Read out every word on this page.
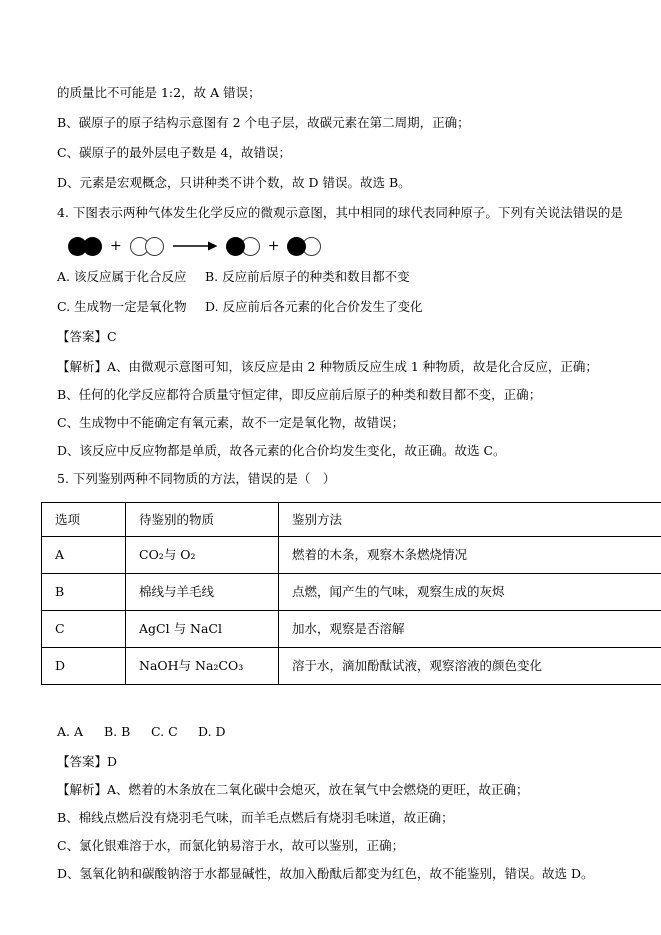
的质量比不可能是 1:2，故 A 错误；

B、碳原子的原子结构示意图有 2 个电子层，故碳元素在第二周期，正确；

C、碳原子的最外层电子数是 4，故错误；

D、元素是宏观概念，只讲种类不讲个数，故 D 错误。故选 B。

4. 下图表示两种气体发生化学反应的微观示意图，其中相同的球代表同种原子。下列有关说法错误的是

+	+
A. 该反应属于化合反应	B. 反应前后原子的种类和数目都不变
C. 生成物一定是氧化物	D. 反应前后各元素的化合价发生了变化

【答案】C

【解析】A、由微观示意图可知，该反应是由 2 种物质反应生成 1 种物质，故是化合反应，正确；

B、任何的化学反应都符合质量守恒定律，即反应前后原子的种类和数目都不变，正确；

C、生成物中不能确定有氧元素，故不一定是氧化物，故错误；

D、该反应中反应物都是单质，故各元素的化合价均发生变化，故正确。故选 C。

5. 下列鉴别两种不同物质的方法，错误的是（　）

选项	待鉴别的物质	鉴别方法
A	CO₂与 O₂	燃着的木条，观察木条燃烧情况
B	棉线与羊毛线	点燃，闻产生的气味，观察生成的灰烬
C	AgCl 与 NaCl	加水，观察是否溶解
D	NaOH与 Na₂CO₃	溶于水，滴加酚酞试液，观察溶液的颜色变化
A. A	B. B	C. C	D. D

【答案】D

【解析】A、燃着的木条放在二氧化碳中会熄灭，放在氧气中会燃烧的更旺，故正确；

B、棉线点燃后没有烧羽毛气味，而羊毛点燃后有烧羽毛味道，故正确；

C、氯化银难溶于水，而氯化钠易溶于水，故可以鉴别，正确；

D、氢氧化钠和碳酸钠溶于水都显碱性，故加入酚酞后都变为红色，故不能鉴别，错误。故选 D。
